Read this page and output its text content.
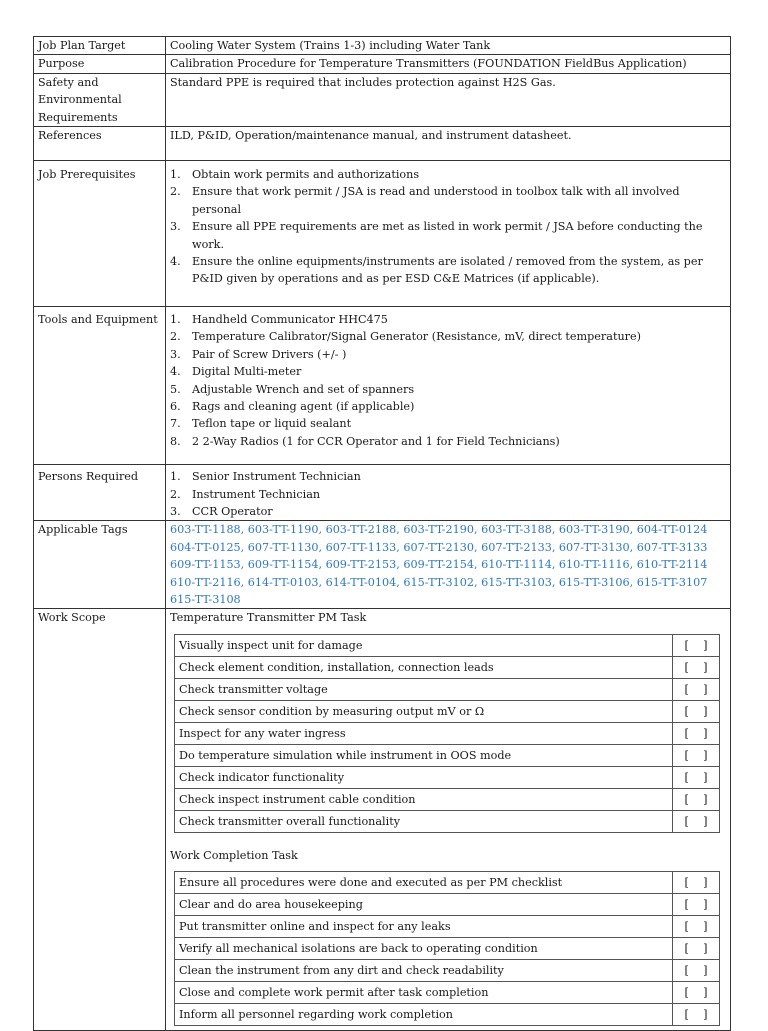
Job Plan Target	Cooling Water System (Trains 1-3) including Water Tank
Purpose	Calibration Procedure for Temperature Transmitters (FOUNDATION FieldBus Application)
Safety and Environmental Requirements	Standard PPE is required that includes protection against H2S Gas.
References	ILD, P&ID, Operation/maintenance manual, and instrument datasheet.
Job Prerequisites	1. Obtain work permits and authorizations
2. Ensure that work permit / JSA is read and understood in toolbox talk with all involved personal
3. Ensure all PPE requirements are met as listed in work permit / JSA before conducting the work.
4. Ensure the online equipments/instruments are isolated / removed from the system, as per P&ID given by operations and as per ESD C&E Matrices (if applicable).

Tools and Equipment	1. Handheld Communicator HHC475
2. Temperature Calibrator/Signal Generator (Resistance, mV, direct temperature)
3. Pair of Screw Drivers (+/- )
4. Digital Multi-meter
5. Adjustable Wrench and set of spanners
6. Rags and cleaning agent (if applicable)
7. Teflon tape or liquid sealant
8. 2 2-Way Radios (1 for CCR Operator and 1 for Field Technicians)

Persons Required	1. Senior Instrument Technician
2. Instrument Technician
3. CCR Operator

Applicable Tags	603-TT-1188, 603-TT-1190, 603-TT-2188, 603-TT-2190, 603-TT-3188, 603-TT-3190, 604-TT-0124
604-TT-0125, 607-TT-1130, 607-TT-1133, 607-TT-2130, 607-TT-2133, 607-TT-3130, 607-TT-3133
609-TT-1153, 609-TT-1154, 609-TT-2153, 609-TT-2154, 610-TT-1114, 610-TT-1116, 610-TT-2114
610-TT-2116, 614-TT-0103, 614-TT-0104, 615-TT-3102, 615-TT-3103, 615-TT-3106, 615-TT-3107
615-TT-3108
Work Scope	Temperature Transmitter PM Task
Visually inspect unit for damage	[    ]
Check element condition, installation, connection leads	[    ]
Check transmitter voltage	[    ]
Check sensor condition by measuring output mV or Ω	[    ]
Inspect for any water ingress	[    ]
Do temperature simulation while instrument in OOS mode	[    ]
Check indicator functionality	[    ]
Check inspect instrument cable condition	[    ]
Check transmitter overall functionality	[    ]
Work Completion Task
Ensure all procedures were done and executed as per PM checklist	[    ]
Clear and do area housekeeping	[    ]
Put transmitter online and inspect for any leaks	[    ]
Verify all mechanical isolations are back to operating condition	[    ]
Clean the instrument from any dirt and check readability	[    ]
Close and complete work permit after task completion	[    ]
Inform all personnel regarding work completion	[    ]
